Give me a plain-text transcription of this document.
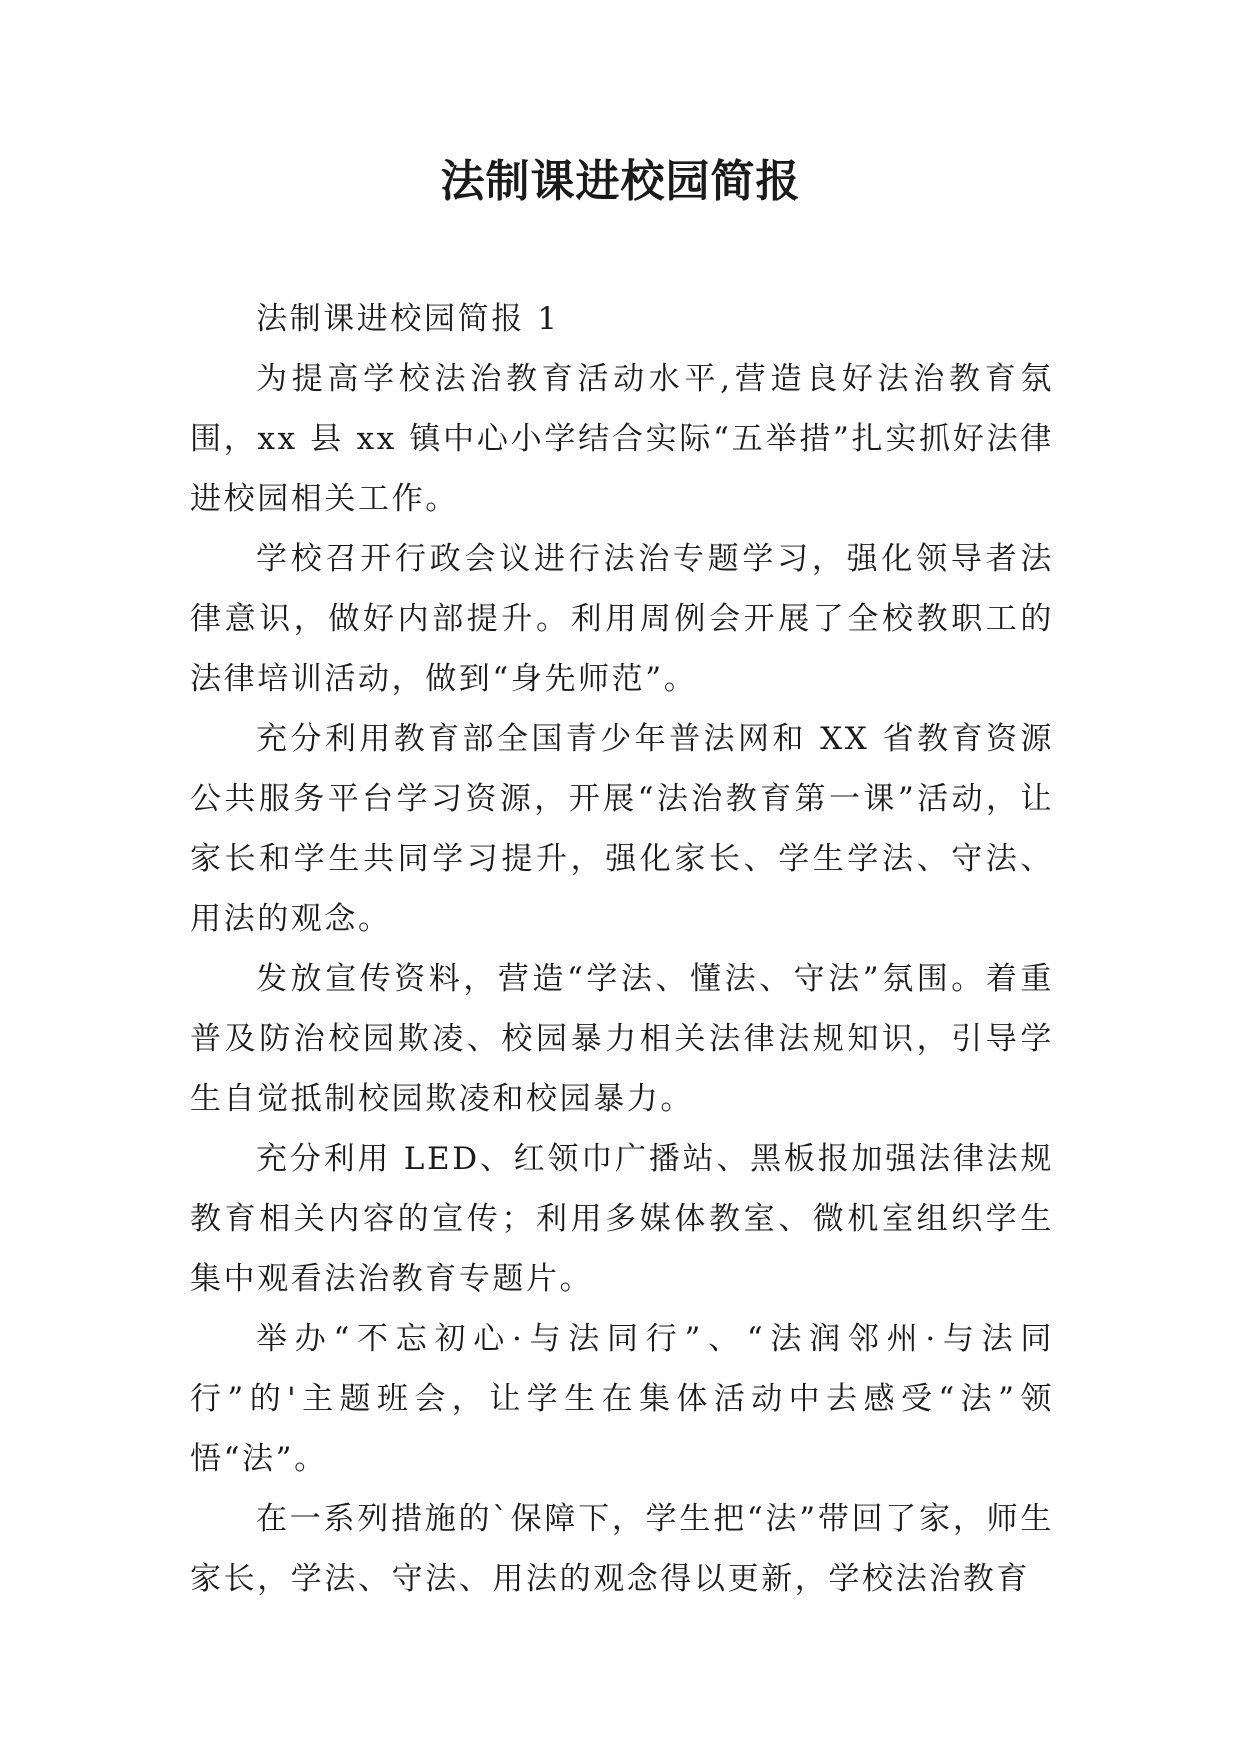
法制课进校园简报

法制课进校园简报 1

为提高学校法治教育活动水平,营造良好法治教育氛围，xx 县 xx 镇中心小学结合实际“五举措”扎实抓好法律进校园相关工作。

学校召开行政会议进行法治专题学习，强化领导者法律意识，做好内部提升。利用周例会开展了全校教职工的法律培训活动，做到“身先师范”。

充分利用教育部全国青少年普法网和 XX 省教育资源公共服务平台学习资源，开展“法治教育第一课”活动，让家长和学生共同学习提升，强化家长、学生学法、守法、用法的观念。

发放宣传资料，营造“学法、懂法、守法”氛围。着重普及防治校园欺凌、校园暴力相关法律法规知识，引导学生自觉抵制校园欺凌和校园暴力。

充分利用 LED、红领巾广播站、黑板报加强法律法规教育相关内容的宣传；利用多媒体教室、微机室组织学生集中观看法治教育专题片。

举办“不忘初心·与法同行”、“法润邻州·与法同行”的'主题班会，让学生在集体活动中去感受“法”领悟“法”。

在一系列措施的`保障下，学生把“法”带回了家，师生家长，学法、守法、用法的观念得以更新，学校法治教育
